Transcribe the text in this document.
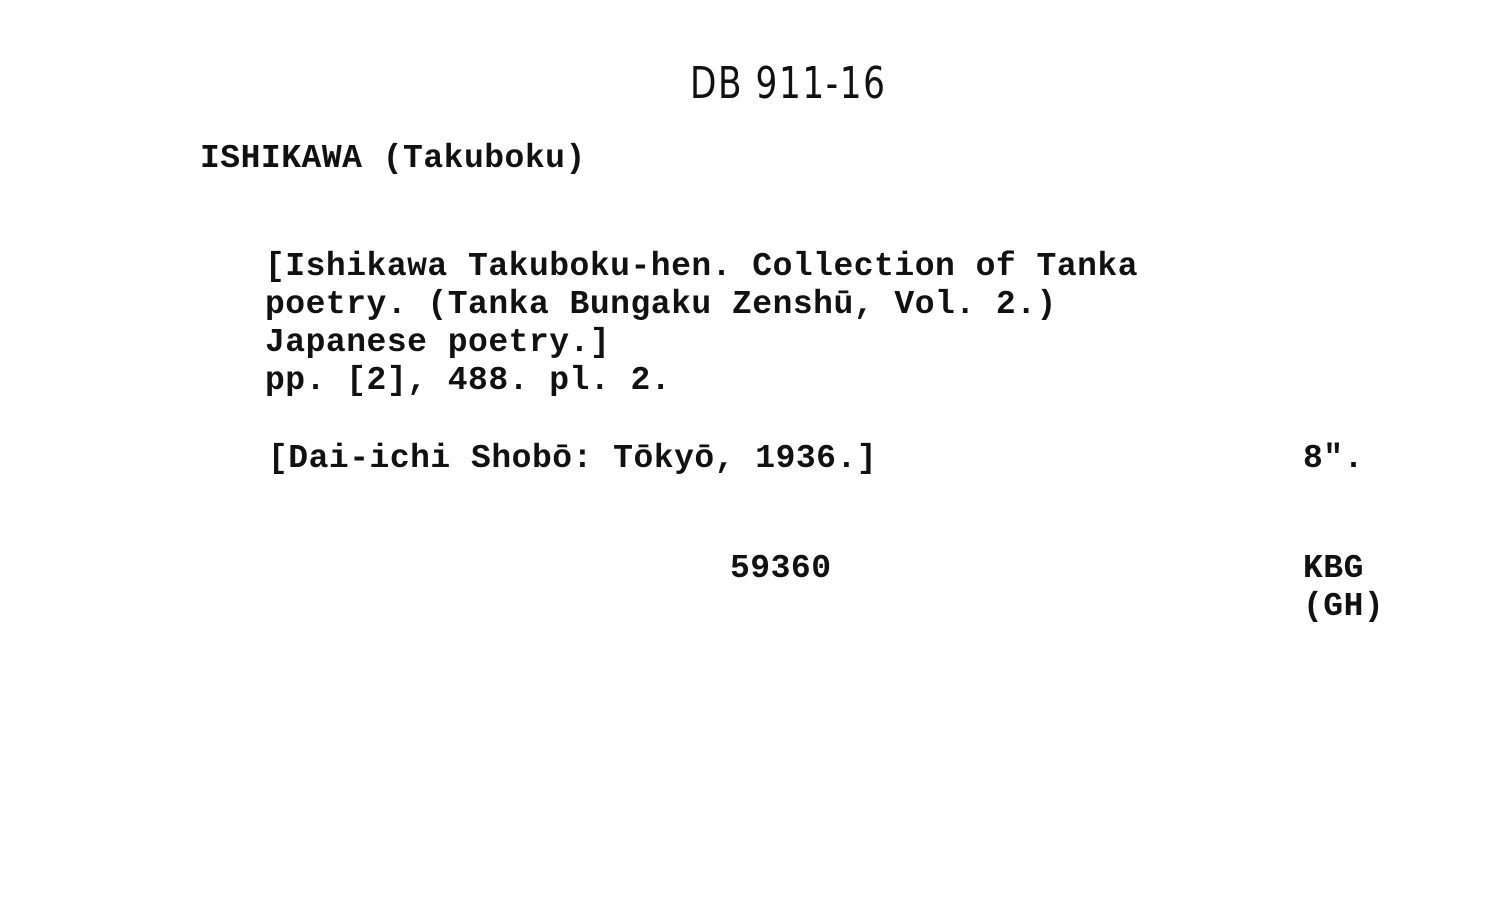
DB 911-16
ISHIKAWA (Takuboku)
[Ishikawa Takuboku-hen. Collection of Tanka
poetry. (Tanka Bungaku Zenshū, Vol. 2.)
Japanese poetry.]
pp. [2], 488. pl. 2.
[Dai-ichi Shobō: Tōkyō, 1936.]	8".
59360	KBG
(GH)
